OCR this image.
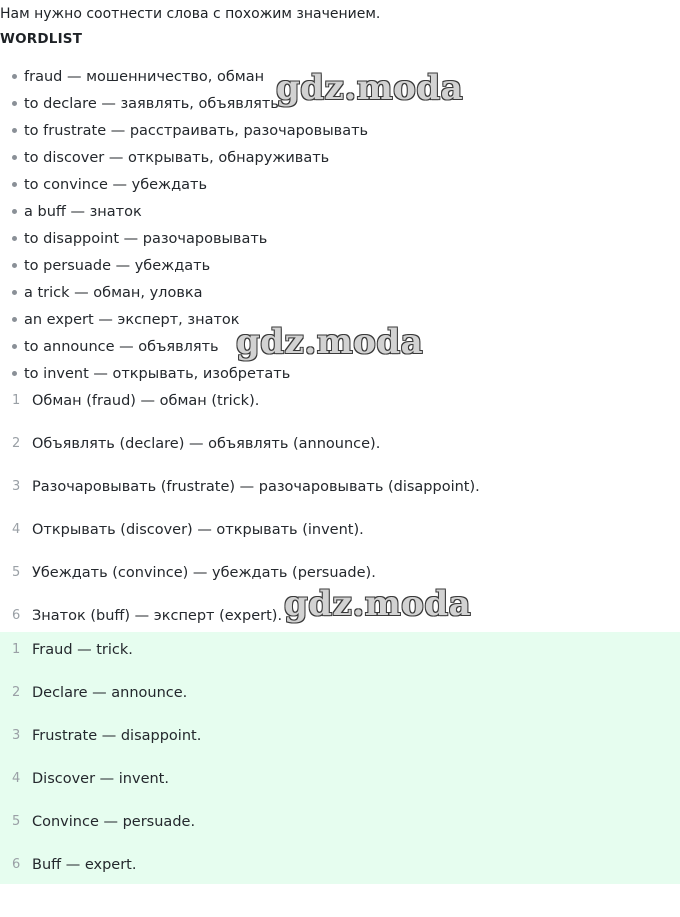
Нам нужно соотнести слова с похожим значением.
WORDLIST
fraud — мошенничество, обман
to declare — заявлять, объявлять
to frustrate — расстраивать, разочаровывать
to discover — открывать, обнаруживать
to convince — убеждать
a buff — знаток
to disappoint — разочаровывать
to persuade — убеждать
a trick — обман, уловка
an expert — эксперт, знаток
to announce — объявлять
to invent — открывать, изобретать
1 Обман (fraud) — обман (trick).
2 Объявлять (declare) — объявлять (announce).
3 Разочаровывать (frustrate) — разочаровывать (disappoint).
4 Открывать (discover) — открывать (invent).
5 Убеждать (convince) — убеждать (persuade).
6 Знаток (buff) — эксперт (expert).
1 Fraud — trick.
2 Declare — announce.
3 Frustrate — disappoint.
4 Discover — invent.
5 Convince — persuade.
6 Buff — expert.
gdz.moda
gdz.moda
gdz.moda
